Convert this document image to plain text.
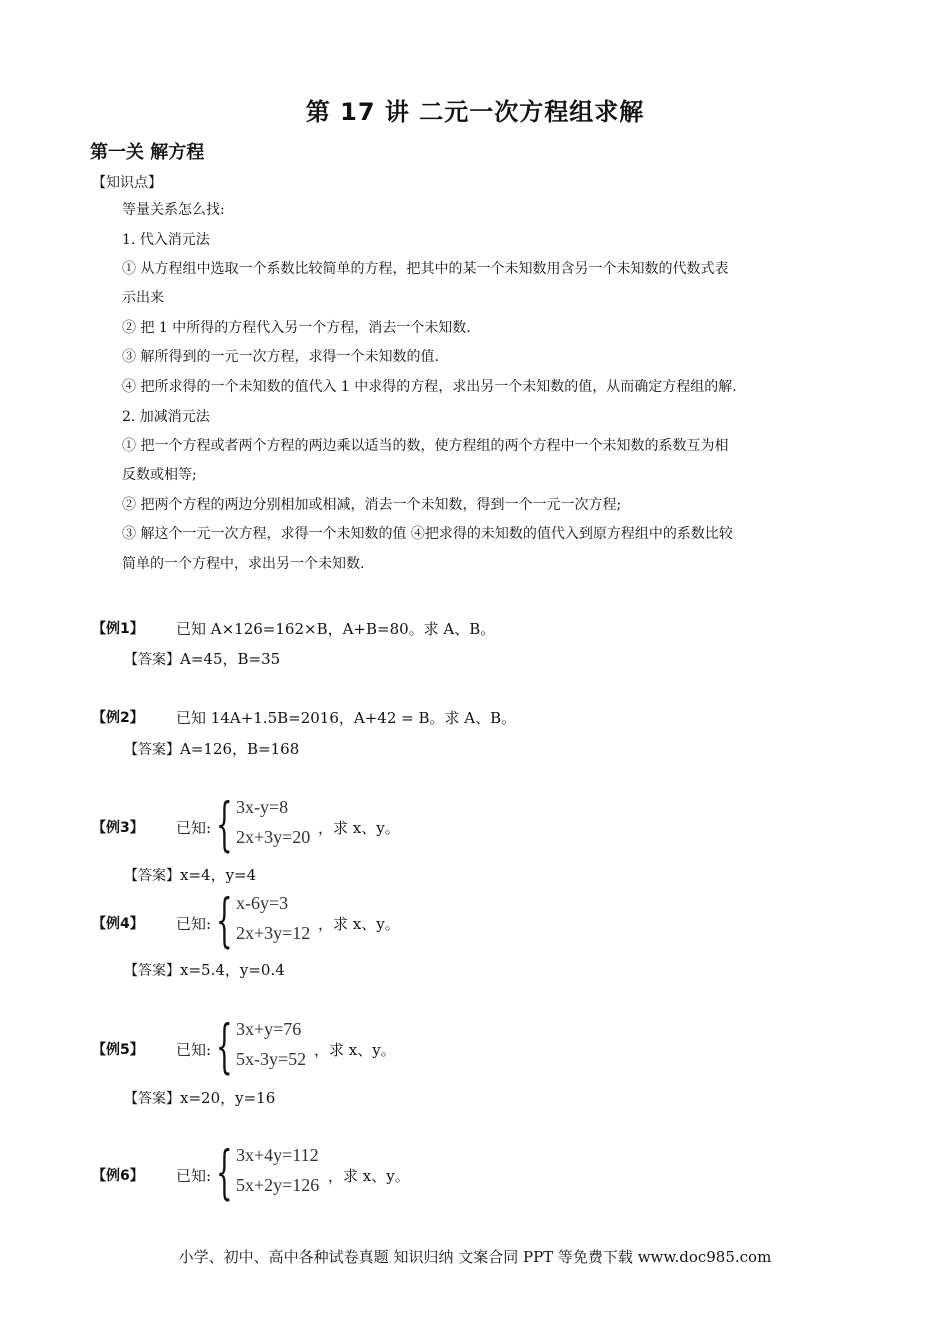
第 17 讲 二元一次方程组求解
第一关 解方程
【知识点】
等量关系怎么找:
1. 代入消元法
① 从方程组中选取一个系数比较简单的方程，把其中的某一个未知数用含另一个未知数的代数式表
示出来
② 把 1 中所得的方程代入另一个方程，消去一个未知数.
③ 解所得到的一元一次方程，求得一个未知数的值.
④ 把所求得的一个未知数的值代入 1 中求得的方程，求出另一个未知数的值，从而确定方程组的解.
2. 加减消元法
① 把一个方程或者两个方程的两边乘以适当的数，使方程组的两个方程中一个未知数的系数互为相
反数或相等;
② 把两个方程的两边分别相加或相减，消去一个未知数，得到一个一元一次方程;
③ 解这个一元一次方程，求得一个未知数的值 ④把求得的未知数的值代入到原方程组中的系数比较
简单的一个方程中，求出另一个未知数.
【例1】 已知 A×126=162×B，A+B=80。求 A、B。
【答案】A=45，B=35
【例2】 已知 14A+1.5B=2016，A+42 = B。求 A、B。
【答案】A=126，B=168
【例3】 已知: { 3x-y=8
2x+3y=20 ，求 x、y。
【答案】x=4，y=4
【例4】 已知: { x-6y=3
2x+3y=12 ，求 x、y。
【答案】x=5.4，y=0.4
【例5】 已知: { 3x+y=76
5x-3y=52 ，求 x、y。
【答案】x=20，y=16
【例6】 已知: { 3x+4y=112
5x+2y=126 ，求 x、y。
小学、初中、高中各种试卷真题 知识归纳 文案合同 PPT 等免费下载 www.doc985.com
